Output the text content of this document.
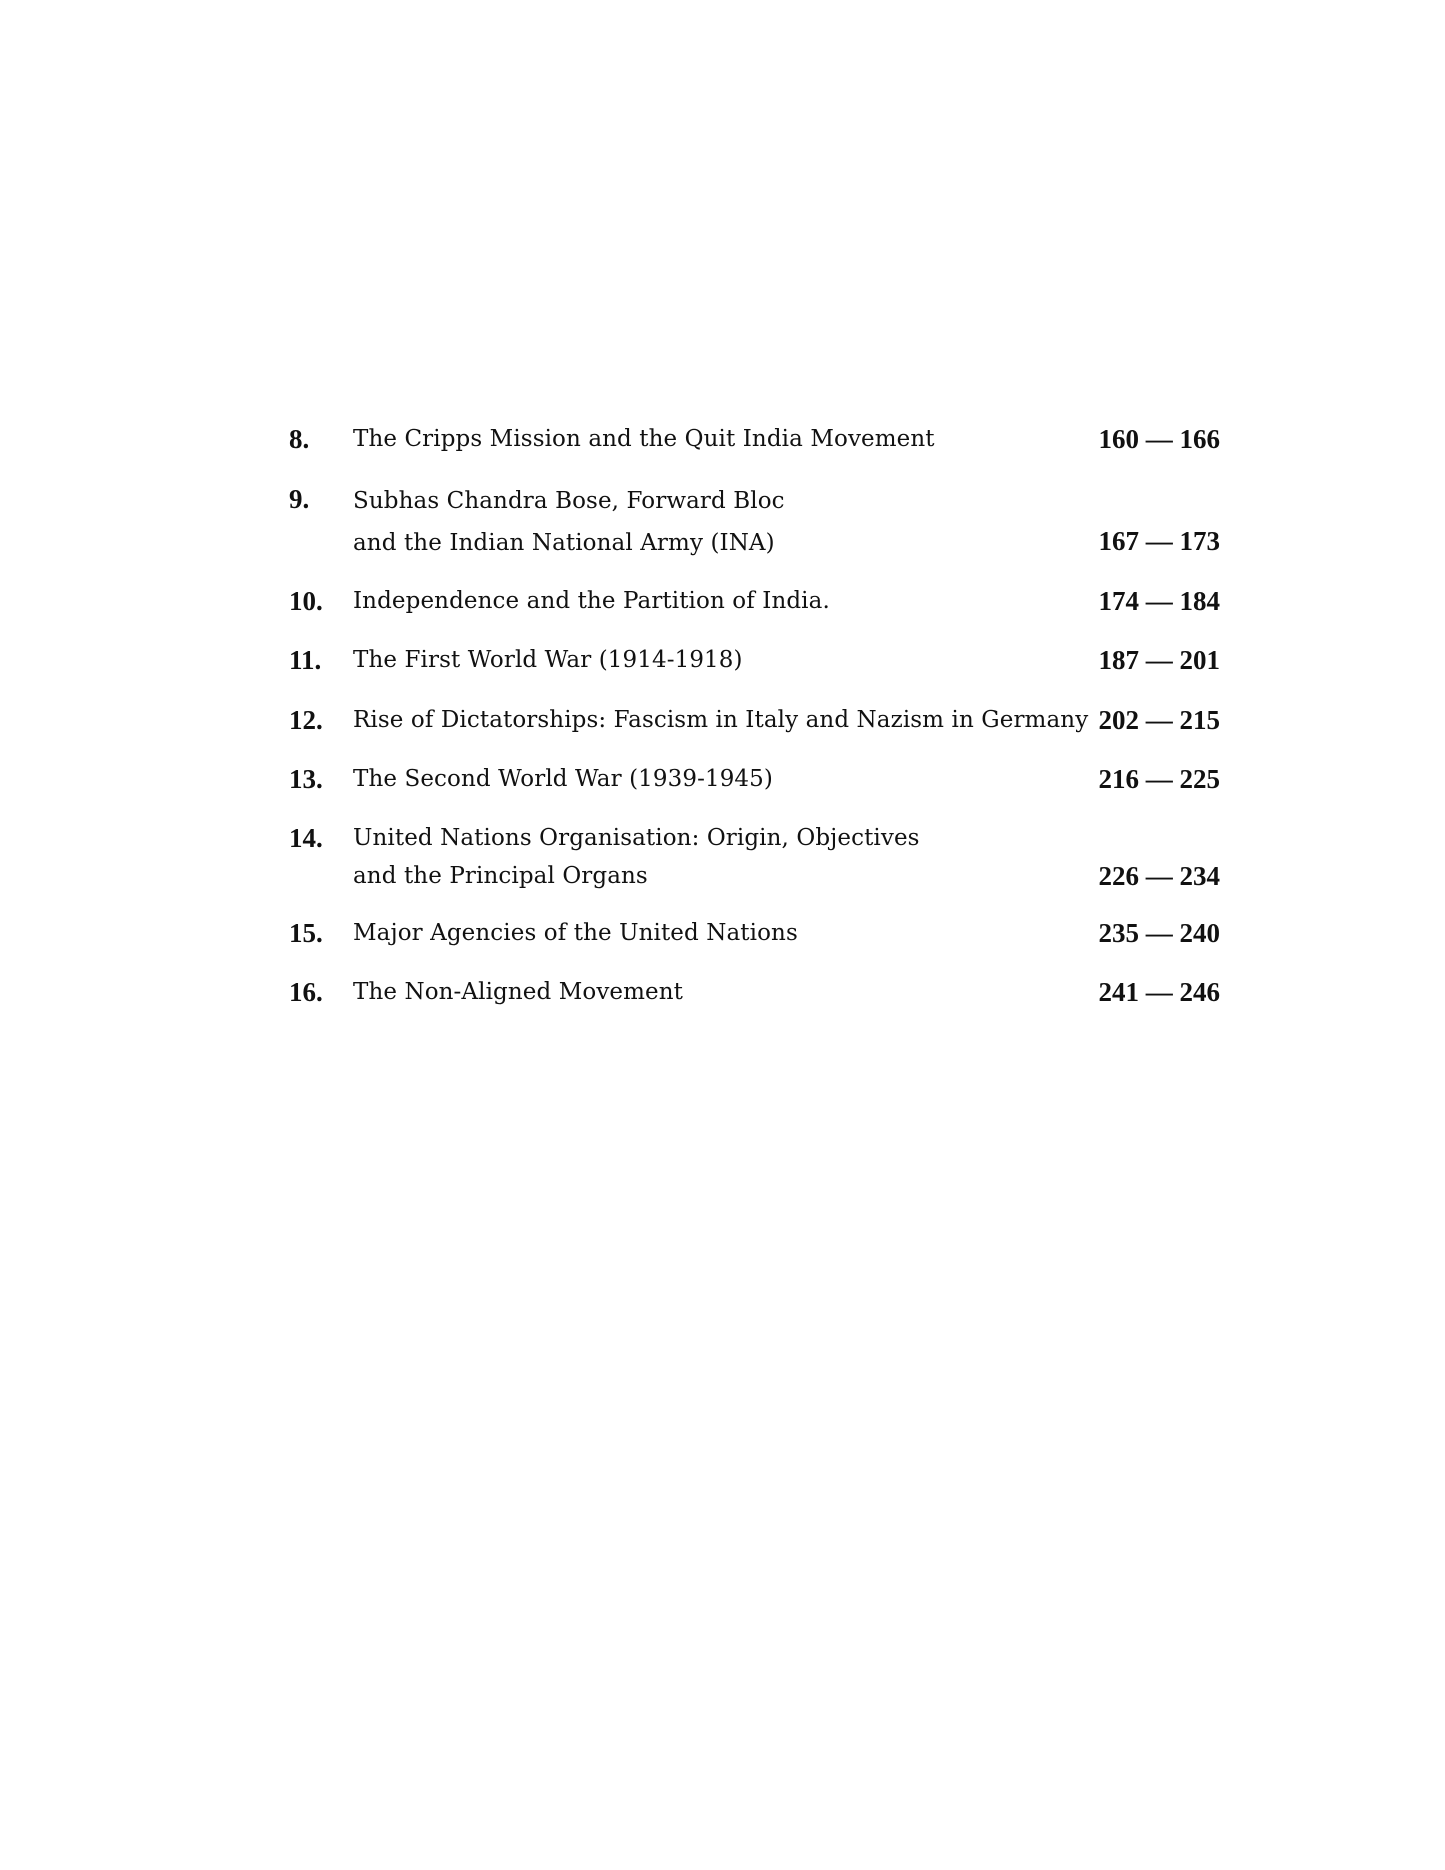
8. The Cripps Mission and the Quit India Movement	160 — 166
9. Subhas Chandra Bose, Forward Bloc
and the Indian National Army (INA)	167 — 173
10. Independence and the Partition of India.	174 — 184
11. The First World War (1914-1918)	187 — 201
12. Rise of Dictatorships: Fascism in Italy and Nazism in Germany 202 — 215
13. The Second World War (1939-1945)	216 — 225
14. United Nations Organisation: Origin, Objectives
and the Principal Organs	226 — 234
15. Major Agencies of the United Nations	235 — 240
16. The Non-Aligned Movement	241 — 246
